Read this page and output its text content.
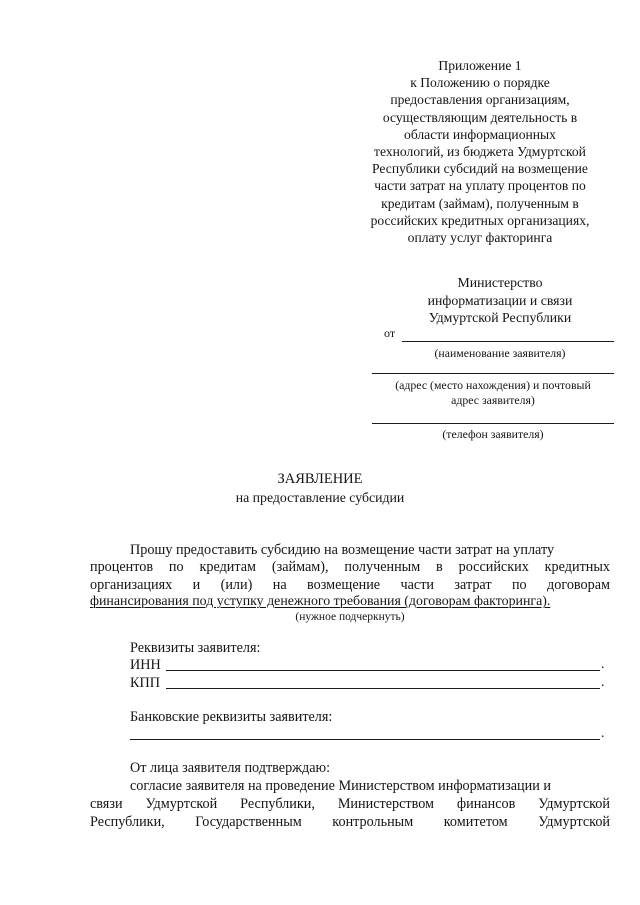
Приложение 1
к Положению о порядке
предоставления организациям,
осуществляющим деятельность в
области информационных
технологий, из бюджета Удмуртской
Республики субсидий на возмещение
части затрат на уплату процентов по
кредитам (займам), полученным в
российских кредитных организациях,
оплату услуг факторинга
Министерство
информатизации и связи
Удмуртской Республики
от
(наименование заявителя)
(адрес (место нахождения) и почтовый
адрес заявителя)
(телефон заявителя)
ЗАЯВЛЕНИЕ
на предоставление субсидии
Прошу предоставить субсидию на возмещение части затрат на уплату
процентов по кредитам (займам), полученным в российских кредитных
организациях и (или) на возмещение части затрат по договорам
финансирования под уступку денежного требования (договорам факторинга).
(нужное подчеркнуть)
Реквизиты заявителя:
ИНН	.
КПП	.
Банковские реквизиты заявителя:
.
От лица заявителя подтверждаю:
согласие заявителя на проведение Министерством информатизации и
связи Удмуртской Республики, Министерством финансов Удмуртской
Республики, Государственным контрольным комитетом Удмуртской
